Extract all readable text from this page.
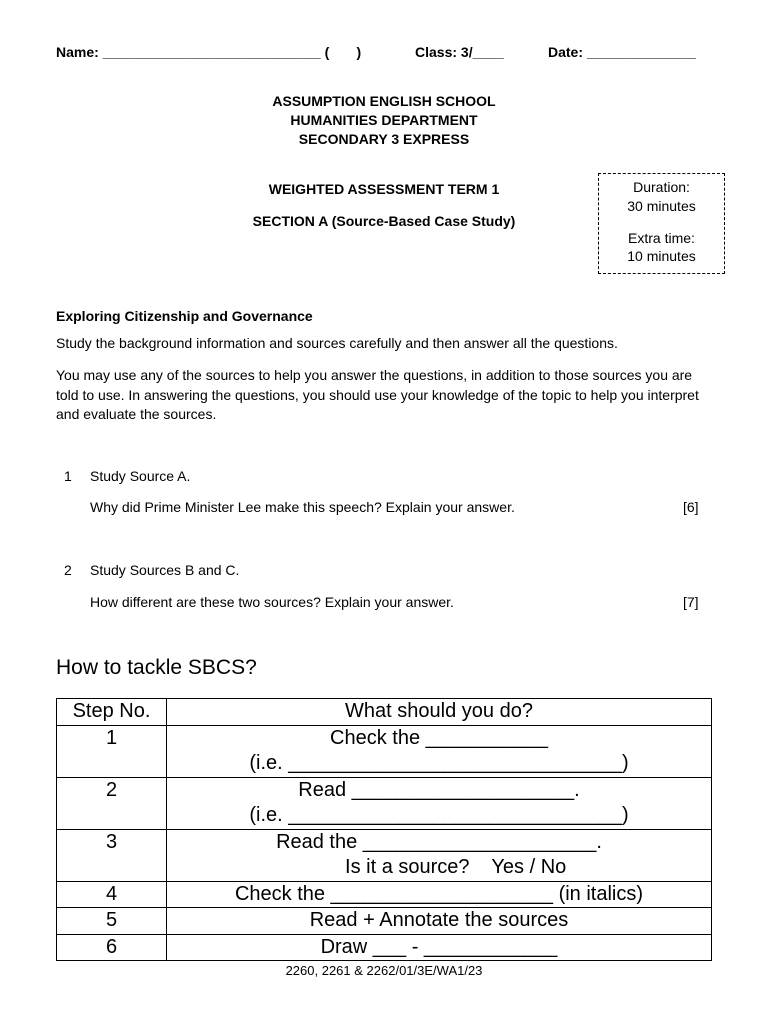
Name: ____________________________ (       )

	Class: 3/____

	Date: ______________

ASSUMPTION ENGLISH SCHOOL
HUMANITIES DEPARTMENT
SECONDARY 3 EXPRESS
WEIGHTED ASSESSMENT TERM 1
SECTION A (Source-Based Case Study)
Duration:
30 minutes
Extra time:
10 minutes
Exploring Citizenship and Governance
Study the background information and sources carefully and then answer all the questions.
You may use any of the sources to help you answer the questions, in addition to those sources you are told to use. In answering the questions, you should use your knowledge of the topic to help you interpret and evaluate the sources.
1 Study Source A.
Why did Prime Minister Lee make this speech? Explain your answer.	[6]
2 Study Sources B and C.
How different are these two sources? Explain your answer.	[7]
How to tackle SBCS?
Step No.	What should you do?
1	Check the ___________
(i.e. ______________________________)

2	Read ____________________.
(i.e. ______________________________)

3	Read the _____________________.
Is it a source?    Yes / No

4	Check the ____________________ (in italics)
5	Read + Annotate the sources
6	Draw ___ - ____________
2260, 2261 & 2262/01/3E/WA1/23
